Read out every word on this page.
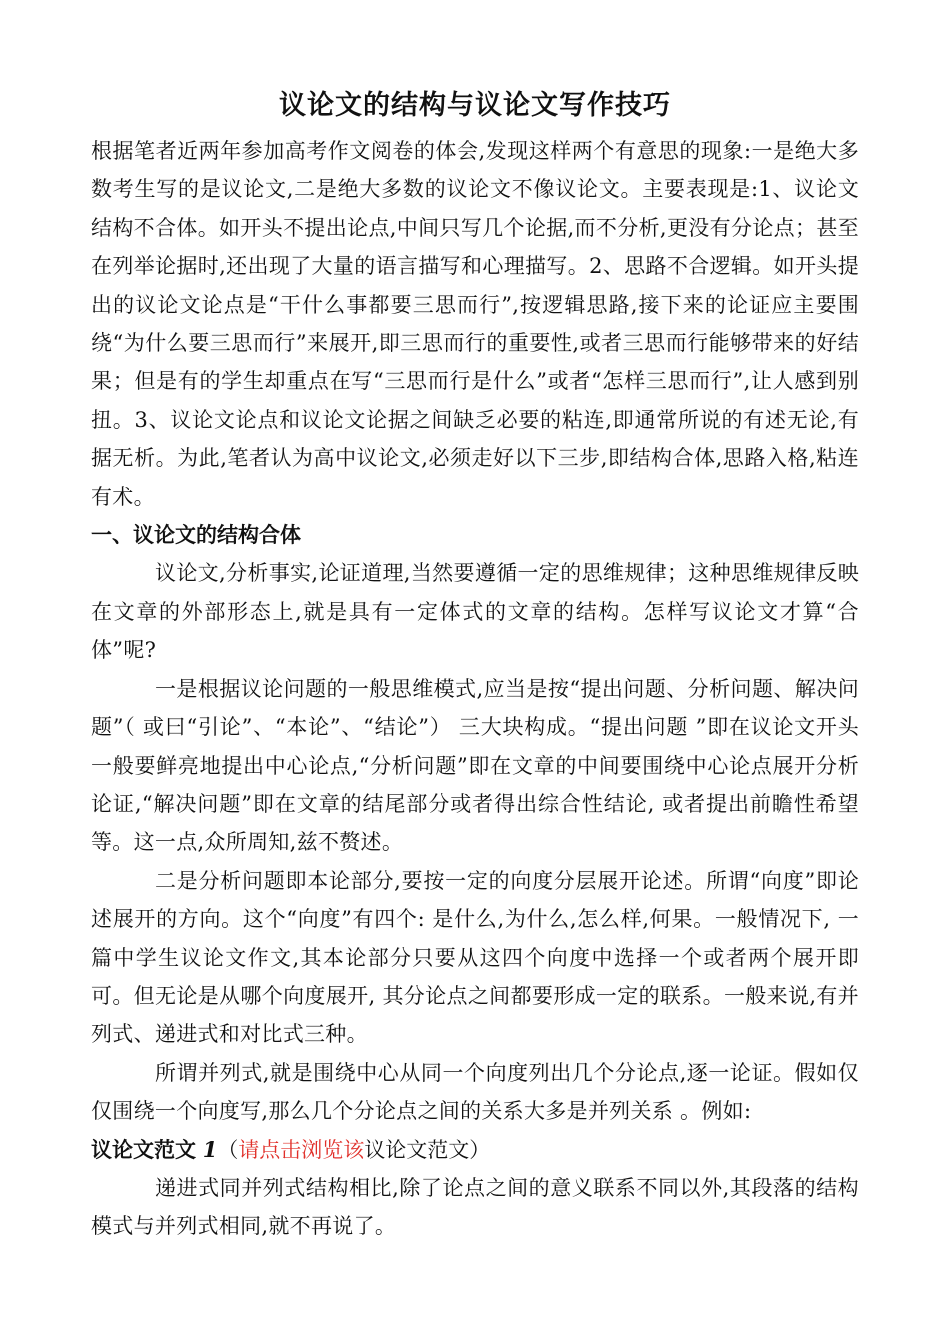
议论文的结构与议论文写作技巧

根据笔者近两年参加高考作文阅卷的体会,发现这样两个有意思的现象:一是绝大多数考生写的是议论文,二是绝大多数的议论文不像议论文。主要表现是:1、议论文结构不合体。如开头不提出论点,中间只写几个论据,而不分析,更没有分论点；甚至在列举论据时,还出现了大量的语言描写和心理描写。2、思路不合逻辑。如开头提出的议论文论点是“干什么事都要三思而行”,按逻辑思路,接下来的论证应主要围绕“为什么要三思而行”来展开,即三思而行的重要性,或者三思而行能够带来的好结果；但是有的学生却重点在写“三思而行是什么”或者“怎样三思而行”,让人感到别扭。3、议论文论点和议论文论据之间缺乏必要的粘连,即通常所说的有述无论,有据无析。为此,笔者认为高中议论文,必须走好以下三步,即结构合体,思路入格,粘连有术。

一、议论文的结构合体

议论文,分析事实,论证道理,当然要遵循一定的思维规律；这种思维规律反映在文章的外部形态上,就是具有一定体式的文章的结构。怎样写议论文才算“合体”呢?

一是根据议论问题的一般思维模式,应当是按“提出问题、分析问题、解决问题”（ 或曰“引论”、“本论”、“结论”） 三大块构成。“提出问题 ”即在议论文开头一般要鲜亮地提出中心论点,“分析问题”即在文章的中间要围绕中心论点展开分析论证,“解决问题”即在文章的结尾部分或者得出综合性结论, 或者提出前瞻性希望等。这一点,众所周知,兹不赘述。

二是分析问题即本论部分,要按一定的向度分层展开论述。所谓“向度”即论述展开的方向。这个“向度”有四个: 是什么,为什么,怎么样,何果。一般情况下, 一篇中学生议论文作文,其本论部分只要从这四个向度中选择一个或者两个展开即可。但无论是从哪个向度展开, 其分论点之间都要形成一定的联系。一般来说,有并列式、递进式和对比式三种。

所谓并列式,就是围绕中心从同一个向度列出几个分论点,逐一论证。假如仅仅围绕一个向度写,那么几个分论点之间的关系大多是并列关系 。例如:

议论文范文 1（请点击浏览该议论文范文）

递进式同并列式结构相比,除了论点之间的意义联系不同以外,其段落的结构模式与并列式相同,就不再说了。
